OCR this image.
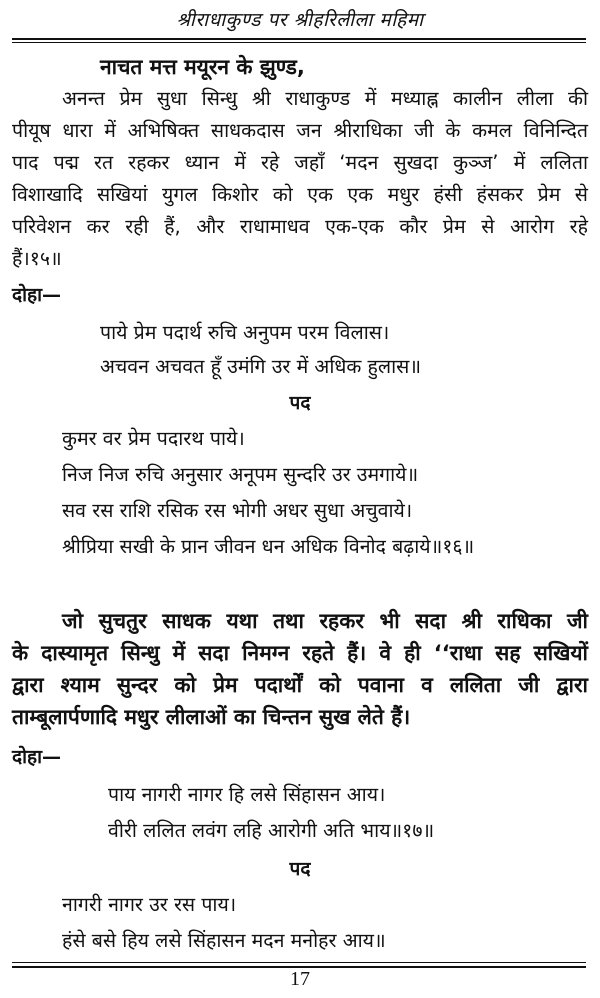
श्रीराधाकुण्ड पर श्रीहरिलीला महिमा
नाचत मत्त मयूरन के झुण्ड,
अनन्त प्रेम सुधा सिन्धु श्री राधाकुण्ड में मध्याह्न कालीन लीला की
पीयूष धारा में अभिषिक्त साधकदास जन श्रीराधिका जी के कमल विनिन्दित
पाद पद्म रत रहकर ध्यान में रहे जहाँ ‘मदन सुखदा कुञ्ज’ में ललिता
विशाखादि सखियां युगल किशोर को एक एक मधुर हंसी हंसकर प्रेम से
परिवेशन कर रही हैं, और राधामाधव एक-एक कौर प्रेम से आरोग रहे
हैं।१५॥
दोहा—
पाये प्रेम पदार्थ रुचि अनुपम परम विलास।
अचवन अचवत हूँ उमंगि उर में अधिक हुलास॥
पद
कुमर वर प्रेम पदारथ पाये।
निज निज रुचि अनुसार अनूपम सुन्दरि उर उमगाये॥
सव रस राशि रसिक रस भोगी अधर सुधा अचुवाये।
श्रीप्रिया सखी के प्रान जीवन धन अधिक विनोद बढ़ाये॥१६॥
जो सुचतुर साधक यथा तथा रहकर भी सदा श्री राधिका जी
के दास्यामृत सिन्धु में सदा निमग्न रहते हैं। वे ही ‘‘राधा सह सखियों
द्वारा श्याम सुन्दर को प्रेम पदार्थों को पवाना व ललिता जी द्वारा
ताम्बूलार्पणादि मधुर लीलाओं का चिन्तन सुख लेते हैं।
दोहा—
पाय नागरी नागर हि लसे सिंहासन आय।
वीरी ललित लवंग लहि आरोगी अति भाय॥१७॥
पद
नागरी नागर उर रस पाय।
हंसे बसे हिय लसे सिंहासन मदन मनोहर आय॥
17
